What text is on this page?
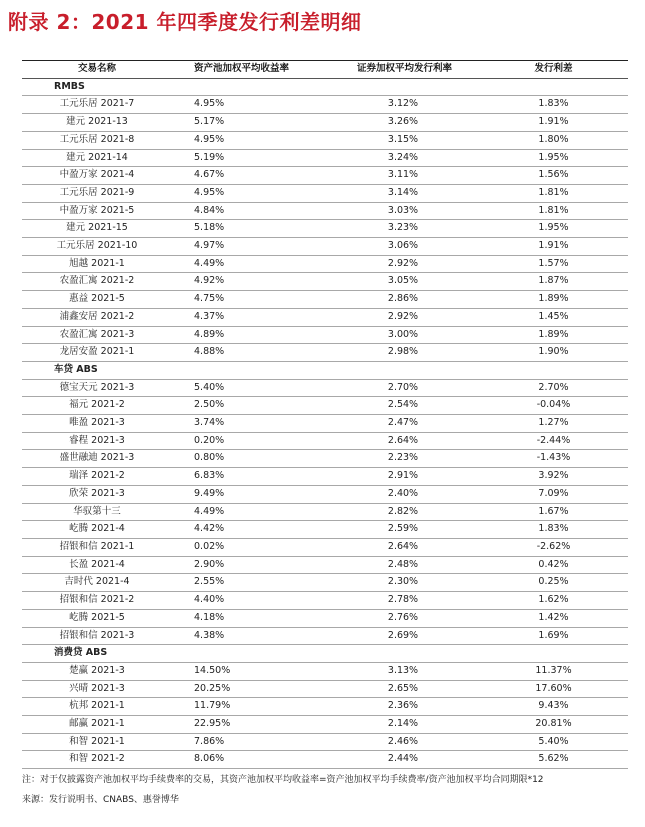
附录 2：2021 年四季度发行利差明细
交易名称	资产池加权平均收益率	证券加权平均发行利率	发行利差
RMBS			
工元乐居 2021-7	4.95%	3.12%	1.83%
建元 2021-13	5.17%	3.26%	1.91%
工元乐居 2021-8	4.95%	3.15%	1.80%
建元 2021-14	5.19%	3.24%	1.95%
中盈万家 2021-4	4.67%	3.11%	1.56%
工元乐居 2021-9	4.95%	3.14%	1.81%
中盈万家 2021-5	4.84%	3.03%	1.81%
建元 2021-15	5.18%	3.23%	1.95%
工元乐居 2021-10	4.97%	3.06%	1.91%
旭越 2021-1	4.49%	2.92%	1.57%
农盈汇寓 2021-2	4.92%	3.05%	1.87%
惠益 2021-5	4.75%	2.86%	1.89%
浦鑫安居 2021-2	4.37%	2.92%	1.45%
农盈汇寓 2021-3	4.89%	3.00%	1.89%
龙居安盈 2021-1	4.88%	2.98%	1.90%
车贷 ABS			
德宝天元 2021-3	5.40%	2.70%	2.70%
福元 2021-2	2.50%	2.54%	-0.04%
唯盈 2021-3	3.74%	2.47%	1.27%
睿程 2021-3	0.20%	2.64%	-2.44%
盛世融迪 2021-3	0.80%	2.23%	-1.43%
瑞泽 2021-2	6.83%	2.91%	3.92%
欣荣 2021-3	9.49%	2.40%	7.09%
华驭第十三	4.49%	2.82%	1.67%
屹腾 2021-4	4.42%	2.59%	1.83%
招银和信 2021-1	0.02%	2.64%	-2.62%
长盈 2021-4	2.90%	2.48%	0.42%
吉时代 2021-4	2.55%	2.30%	0.25%
招银和信 2021-2	4.40%	2.78%	1.62%
屹腾 2021-5	4.18%	2.76%	1.42%
招银和信 2021-3	4.38%	2.69%	1.69%
消费贷 ABS			
楚赢 2021-3	14.50%	3.13%	11.37%
兴晴 2021-3	20.25%	2.65%	17.60%
杭邦 2021-1	11.79%	2.36%	9.43%
邮赢 2021-1	22.95%	2.14%	20.81%
和智 2021-1	7.86%	2.46%	5.40%
和智 2021-2	8.06%	2.44%	5.62%
注：对于仅披露资产池加权平均手续费率的交易，其资产池加权平均收益率=资产池加权平均手续费率/资产池加权平均合同期限*12
来源：发行说明书、CNABS、惠誉博华
